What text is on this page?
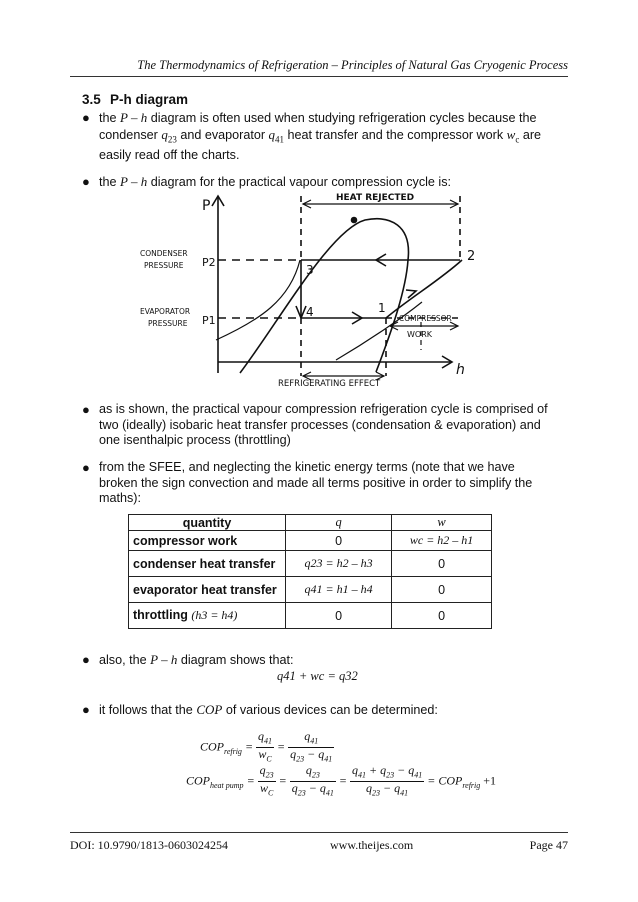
The Thermodynamics of Refrigeration – Principles of Natural Gas Cryogenic Process
3.5 P-h diagram
● the P – h diagram is often used when studying refrigeration cycles because the condenser $q_{23}$ and evaporator $q_{41}$ heat transfer and the compressor work $w_c$ are easily read off the charts.
● the P – h diagram for the practical vapour compression cycle is:
P
h
HEAT REJECTED
CONDENSER
PRESSURE P2
EVAPORATOR
PRESSURE P1
1
2
3
4	COMPRESSOR
WORK
REFRIGERATING EFFECT
● as is shown, the practical vapour compression refrigeration cycle is comprised of two (ideally) isobaric heat transfer processes (condensation & evaporation) and one isenthalpic process (throttling)
● from the SFEE, and neglecting the kinetic energy terms (note that we have broken the sign convection and made all terms positive in order to simplify the maths):
quantity	q	w
compressor work	0	wc = h2 – h1
condenser heat transfer	q23 = h2 – h3	0
evaporator heat transfer	q41 = h1 – h4	0
throttling (h3 = h4)	0	0
● also, the P – h diagram shows that:
q41 + wc = q32
● it follows that the COP of various devices can be determined:
$COP_{refrig} = \frac{q_{41}}{w_C} = \frac{q_{41}}{q_{23} - q_{41}}$
$COP_{heat pump} = \frac{q_{23}}{w_C} = \frac{q_{23}}{q_{23} - q_{41}} = \frac{q_{41} + q_{23} - q_{41}}{q_{23} - q_{41}} = COP_{refrig} +1$
DOI: 10.9790/1813-0603024254	www.theijes.com	Page 47
